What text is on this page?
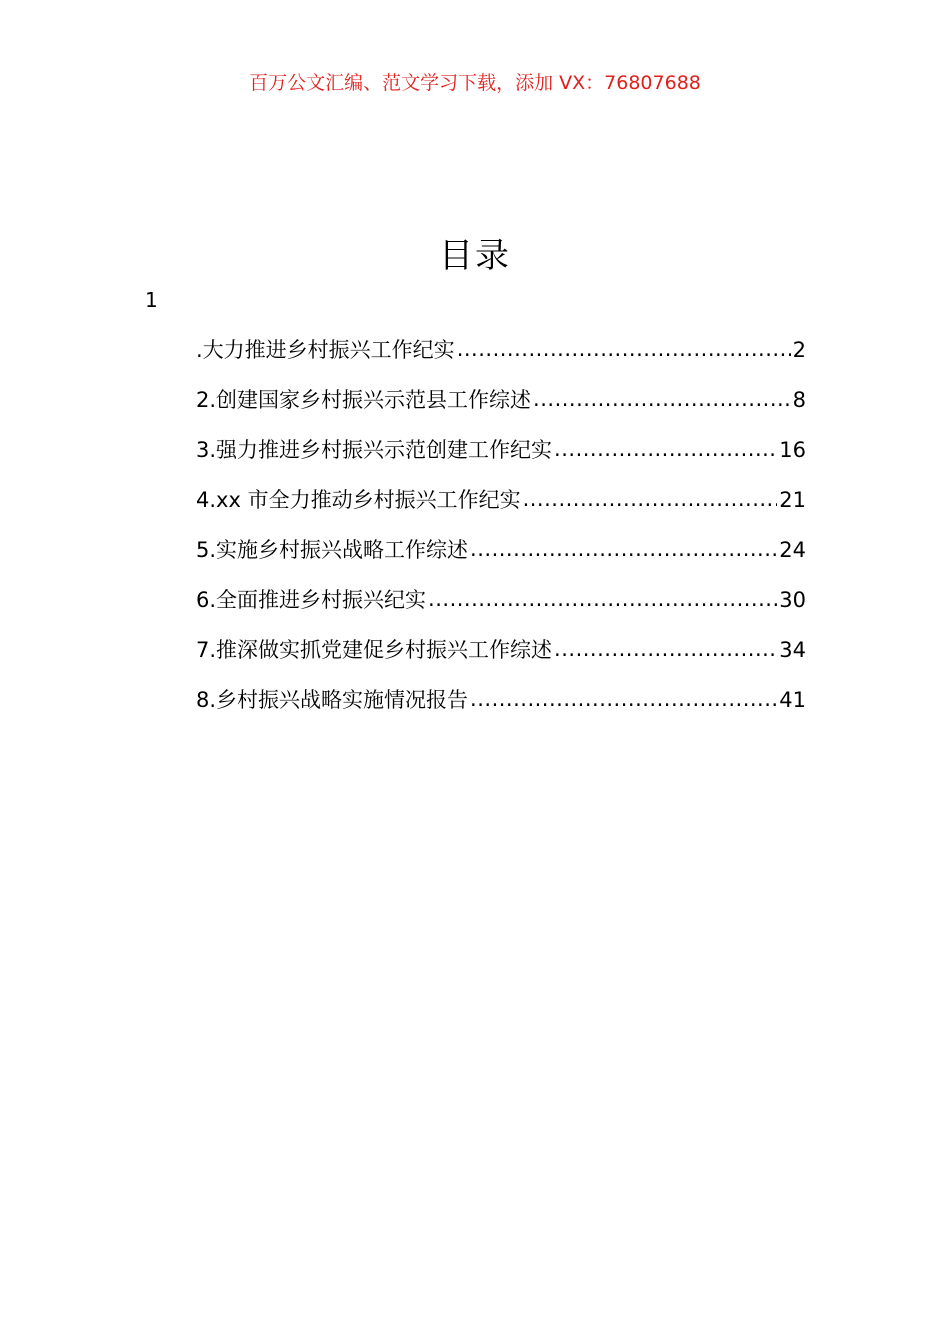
百万公文汇编、范文学习下载，添加 VX：76807688
目录
1
.大力推进乡村振兴工作纪实 .....	2
2.创建国家乡村振兴示范县工作综述 .....	8
3.强力推进乡村振兴示范创建工作纪实 .....	16
4.xx 市全力推动乡村振兴工作纪实 .....	21
5.实施乡村振兴战略工作综述 .....	24
6.全面推进乡村振兴纪实 .....	30
7.推深做实抓党建促乡村振兴工作综述 .....	34
8.乡村振兴战略实施情况报告 .....	41
